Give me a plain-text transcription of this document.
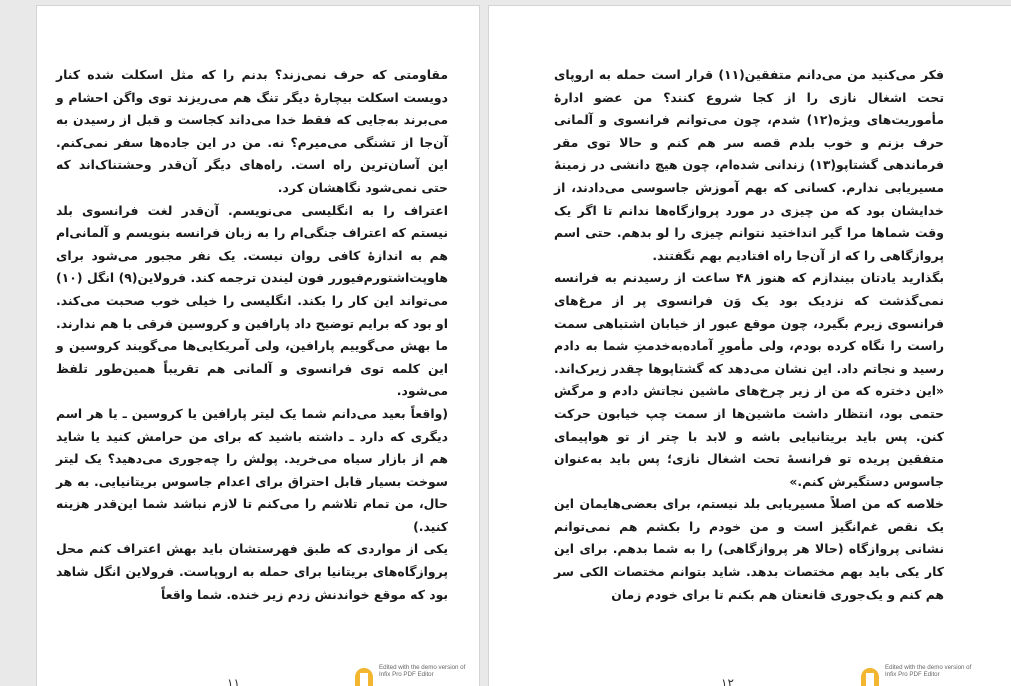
مقاومتی که حرف نمی‌زند؟ بدنم را که مثل اسکلت شده کنار دویست اسکلت بیچارهٔ دیگر تنگ هم می‌ریزند توی واگن احشام و می‌برند به‌جایی که فقط خدا می‌داند کجاست و قبل از رسیدن به آن‌جا از تشنگی می‌میرم؟ نه. من در این جاده‌ها سفر نمی‌کنم. این آسان‌ترین راه است. راه‌های دیگر آن‌قدر وحشتناک‌اند که حتی نمی‌شود نگاهشان کرد.

اعتراف را به انگلیسی می‌نویسم. آن‌قدر لغت فرانسوی بلد نیستم که اعتراف جنگی‌ام را به زبان فرانسه بنویسم و آلمانی‌ام هم به اندازهٔ کافی روان نیست. یک نفر مجبور می‌شود برای هاوپت‌اشتورم‌فیورر فون لیندن ترجمه کند. فرولاین(۹) انگل (۱۰) می‌تواند این کار را بکند. انگلیسی را خیلی خوب صحبت می‌کند. او بود که برایم توضیح داد پارافین و کروسین فرقی با هم ندارند. ما بهش می‌گوییم پارافین، ولی آمریکایی‌ها می‌گویند کروسین و این کلمه توی فرانسوی و آلمانی هم تقریباً همین‌طور تلفظ می‌شود.

(واقعاً بعید می‌دانم شما یک لیتر پارافین یا کروسین ـ یا هر اسم دیگری که دارد ـ داشته باشید که برای من حرامش کنید یا شاید هم از بازار سیاه می‌خرید. پولش را چه‌جوری می‌دهید؟ یک لیتر سوخت بسیار قابل احتراق برای اعدام جاسوس بریتانیایی. به هر حال، من تمام تلاشم را می‌کنم تا لازم نباشد شما این‌قدر هزینه کنید.)

یکی از مواردی که طبق فهرستشان باید بهش اعتراف کنم محل پروازگاه‌های بریتانیا برای حمله به اروپاست. فرولاین انگل شاهد بود که موقع خواندنش زدم زیر خنده. شما واقعاً

Edited with the demo version of
Infix Pro PDF Editor
۱۱

فکر می‌کنید من می‌دانم متفقین(۱۱) قرار است حمله به اروپای تحت اشغال نازی را از کجا شروع کنند؟ من عضو ادارهٔ مأموریت‌های ویژه(۱۲) شدم، چون می‌توانم فرانسوی و آلمانی حرف بزنم و خوب بلدم قصه سر هم کنم و حالا توی مقر فرماندهی گشتاپو(۱۳) زندانی شده‌ام، چون هیچ دانشی در زمینهٔ مسیریابی ندارم. کسانی که بهم آموزش جاسوسی می‌دادند، از خدایشان بود که من چیزی در مورد پروازگاه‌ها ندانم تا اگر یک وقت شماها مرا گیر انداختید نتوانم چیزی را لو بدهم. حتی اسم پروازگاهی را که از آن‌جا راه افتادیم بهم نگفتند.

بگذارید یادتان بیندازم که هنوز ۴۸ ساعت از رسیدنم به فرانسه نمی‌گذشت که نزدیک بود یک وَن فرانسوی پر از مرغ‌های فرانسوی زیرم بگیرد، چون موقع عبور از خیابان اشتباهی سمت راست را نگاه کرده بودم، ولی مأمورِ آماده‌به‌خدمتِ شما به دادم رسید و نجاتم داد. این نشان می‌دهد که گشتاپوها چقدر زیرک‌اند. «این دختره که من از زیر چرخ‌های ماشین نجاتش دادم و مرگش حتمی بود، انتظار داشت ماشین‌ها از سمت چپ خیابون حرکت کنن. پس باید بریتانیایی باشه و لابد با چتر از تو هواپیمای متفقین پریده تو فرانسهٔ تحت اشغال نازی؛ پس باید به‌عنوان جاسوس دستگیرش کنم.»

خلاصه که من اصلاً مسیریابی بلد نیستم، برای بعضی‌هایمان این یک نقص غم‌انگیز است و من خودم را بکشم هم نمی‌توانم نشانی پروازگاه (حالا هر پروازگاهی) را به شما بدهم. برای این کار یکی باید بهم مختصات بدهد. شاید بتوانم مختصات الکی سر هم کنم و یک‌جوری قانعتان هم بکنم تا برای خودم زمان

Edited with the demo version of
Infix Pro PDF Editor
۱۲
